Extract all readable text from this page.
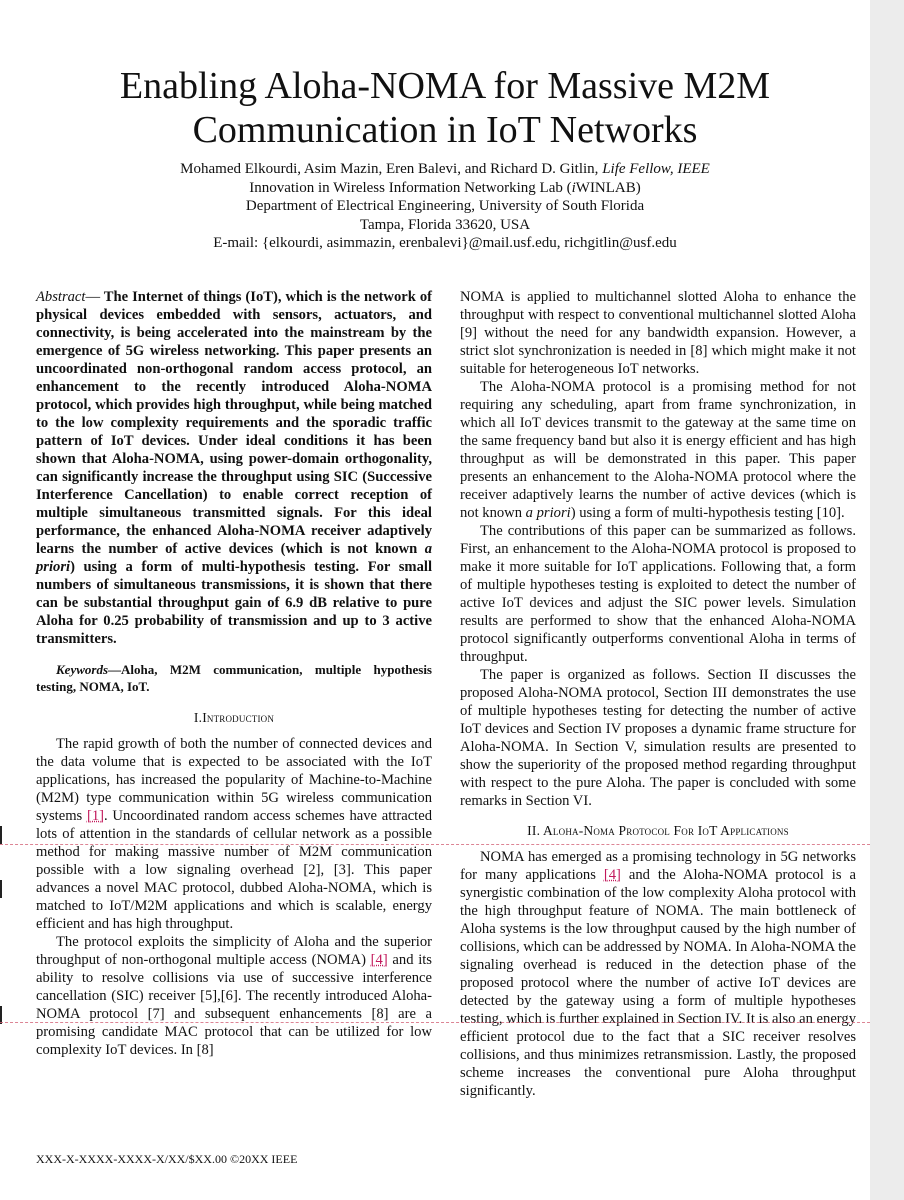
Enabling Aloha-NOMA for Massive M2M
Communication in IoT Networks
Mohamed Elkourdi, Asim Mazin, Eren Balevi, and Richard D. Gitlin, Life Fellow, IEEE
Innovation in Wireless Information Networking Lab (iWINLAB)
Department of Electrical Engineering, University of South Florida
Tampa, Florida 33620, USA
E-mail: {elkourdi, asimmazin, erenbalevi}@mail.usf.edu, richgitlin@usf.edu

Abstract— The Internet of things (IoT), which is the network of physical devices embedded with sensors, actuators, and connectivity, is being accelerated into the mainstream by the emergence of 5G wireless networking. This paper presents an uncoordinated non-orthogonal random access protocol, an enhancement to the recently introduced Aloha-NOMA protocol, which provides high throughput, while being matched to the low complexity requirements and the sporadic traffic pattern of IoT devices. Under ideal conditions it has been shown that Aloha-NOMA, using power-domain orthogonality, can significantly increase the throughput using SIC (Successive Interference Cancellation) to enable correct reception of multiple simultaneous transmitted signals. For this ideal performance, the enhanced Aloha-NOMA receiver adaptively learns the number of active devices (which is not known a priori) using a form of multi-hypothesis testing. For small numbers of simultaneous transmissions, it is shown that there can be substantial throughput gain of 6.9 dB relative to pure Aloha for 0.25 probability of transmission and up to 3 active transmitters.

Keywords—Aloha, M2M communication, multiple hypothesis testing, NOMA, IoT.

I.Introduction

The rapid growth of both the number of connected devices and the data volume that is expected to be associated with the IoT applications, has increased the popularity of Machine-to-Machine (M2M) type communication within 5G wireless communication systems [1]. Uncoordinated random access schemes have attracted lots of attention in the standards of cellular network as a possible method for making massive number of M2M communication possible with a low signaling overhead [2], [3]. This paper advances a novel MAC protocol, dubbed Aloha-NOMA, which is matched to IoT/M2M applications and which is scalable, energy efficient and has high throughput.

The protocol exploits the simplicity of Aloha and the superior throughput of non-orthogonal multiple access (NOMA) [4] and its ability to resolve collisions via use of successive interference cancellation (SIC) receiver [5],[6]. The recently introduced Aloha-NOMA protocol [7] and subsequent enhancements [8] are a promising candidate MAC protocol that can be utilized for low complexity IoT devices. In [8]

NOMA is applied to multichannel slotted Aloha to enhance the throughput with respect to conventional multichannel slotted Aloha [9] without the need for any bandwidth expansion. However, a strict slot synchronization is needed in [8] which might make it not suitable for heterogeneous IoT networks.

The Aloha-NOMA protocol is a promising method for not requiring any scheduling, apart from frame synchronization, in which all IoT devices transmit to the gateway at the same time on the same frequency band but also it is energy efficient and has high throughput as will be demonstrated in this paper. This paper presents an enhancement to the Aloha-NOMA protocol where the receiver adaptively learns the number of active devices (which is not known a priori) using a form of multi-hypothesis testing [10].

The contributions of this paper can be summarized as follows. First, an enhancement to the Aloha-NOMA protocol is proposed to make it more suitable for IoT applications. Following that, a form of multiple hypotheses testing is exploited to detect the number of active IoT devices and adjust the SIC power levels. Simulation results are performed to show that the enhanced Aloha-NOMA protocol significantly outperforms conventional Aloha in terms of throughput.

The paper is organized as follows. Section II discusses the proposed Aloha-NOMA protocol, Section III demonstrates the use of multiple hypotheses testing for detecting the number of active IoT devices and Section IV proposes a dynamic frame structure for Aloha-NOMA. In Section V, simulation results are presented to show the superiority of the proposed method regarding throughput with respect to the pure Aloha. The paper is concluded with some remarks in Section VI.

II. Aloha-Noma Protocol For IoT Applications

NOMA has emerged as a promising technology in 5G networks for many applications [4] and the Aloha-NOMA protocol is a synergistic combination of the low complexity Aloha protocol with the high throughput feature of NOMA. The main bottleneck of Aloha systems is the low throughput caused by the high number of collisions, which can be addressed by NOMA. In Aloha-NOMA the signaling overhead is reduced in the detection phase of the proposed protocol where the number of active IoT devices are detected by the gateway using a form of multiple hypotheses testing, which is further explained in Section IV. It is also an energy efficient protocol due to the fact that a SIC receiver resolves collisions, and thus minimizes retransmission. Lastly, the proposed scheme increases the conventional pure Aloha throughput significantly.

XXX-X-XXXX-XXXX-X/XX/$XX.00 ©20XX IEEE
